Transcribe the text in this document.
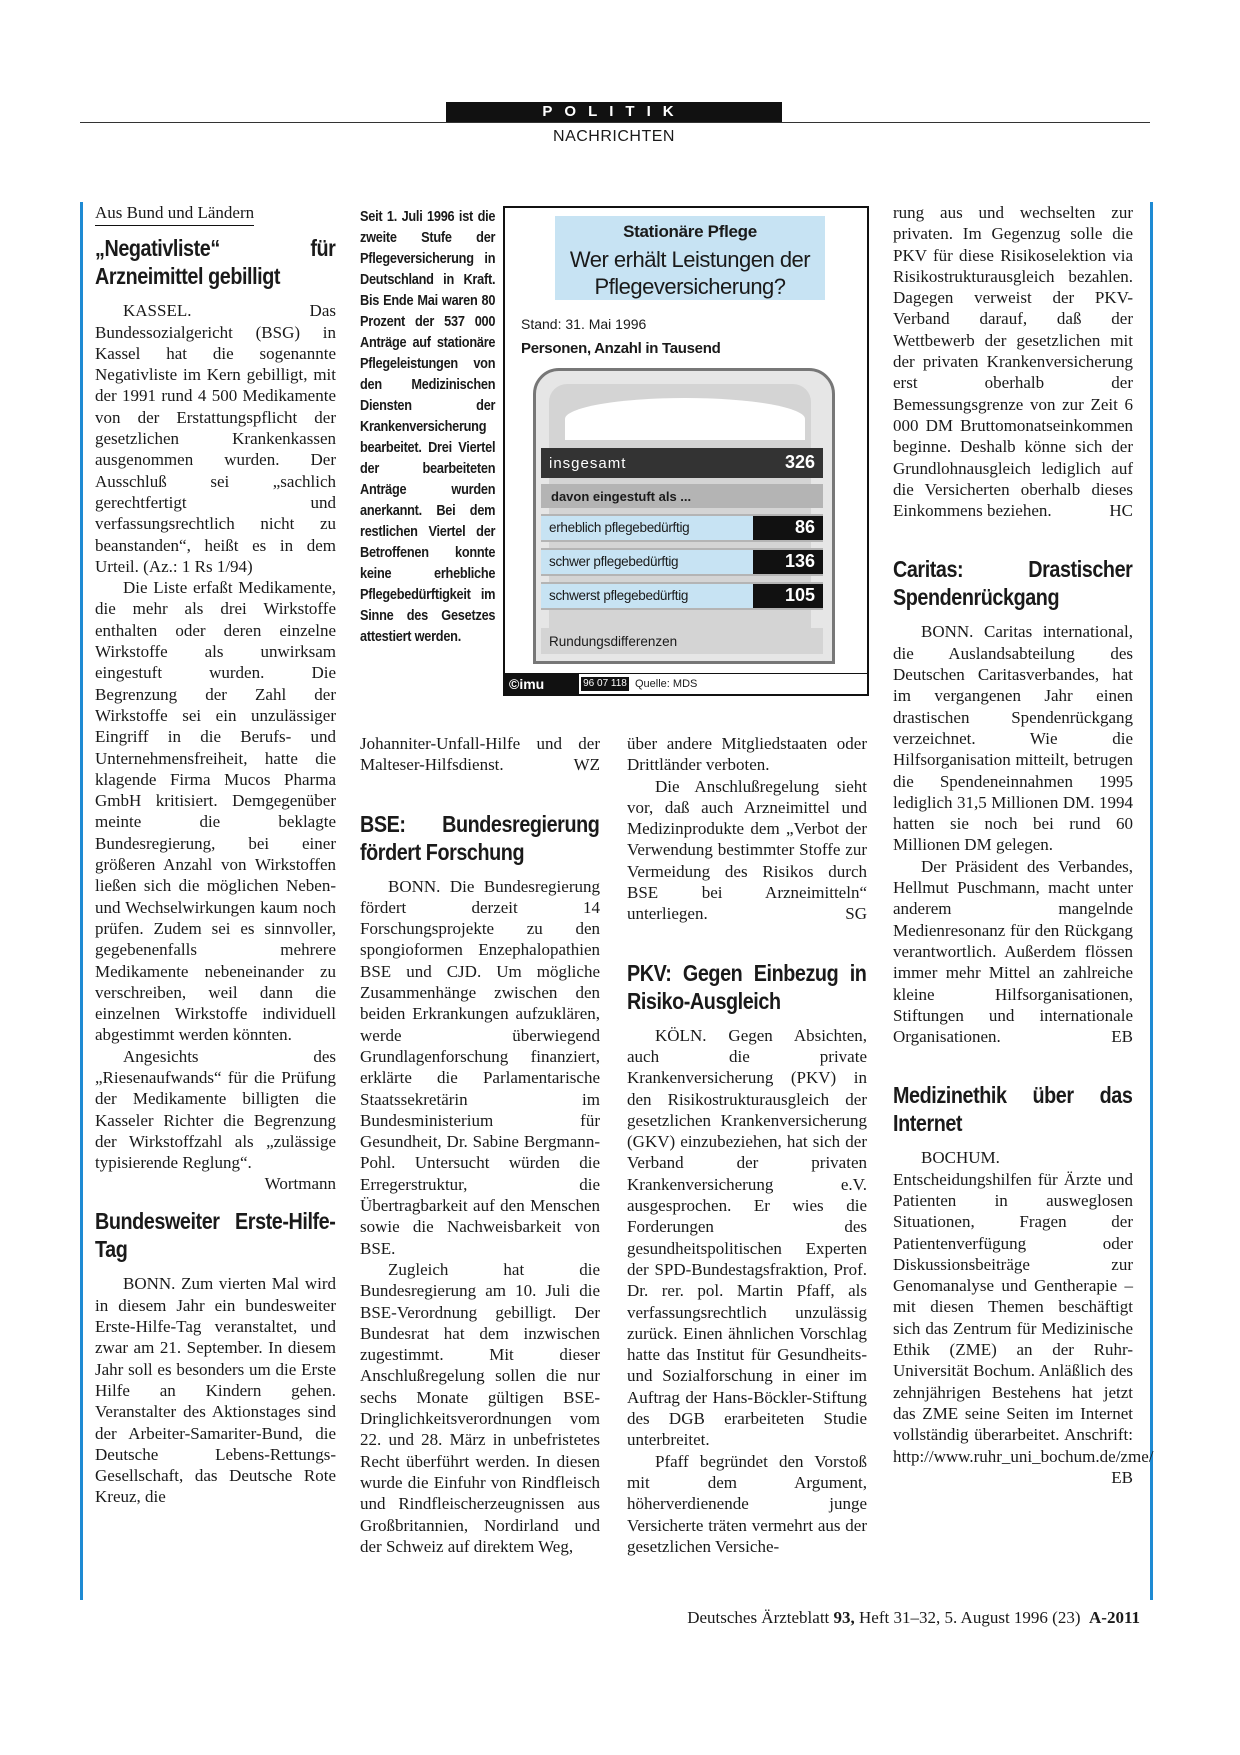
POLITIK
NACHRICHTEN
Aus Bund und Ländern
„Negativliste“ für Arzneimittel gebilligt

KASSEL. Das Bundessozialgericht (BSG) in Kassel hat die sogenannte Negativliste im Kern gebilligt, mit der 1991 rund 4 500 Medikamente von der Erstattungspflicht der gesetzlichen Krankenkassen ausgenommen wurden. Der Ausschluß sei „sachlich gerechtfertigt und verfassungsrechtlich nicht zu beanstanden“, heißt es in dem Urteil. (Az.: 1 Rs 1/94)

Die Liste erfaßt Medikamente, die mehr als drei Wirkstoffe enthalten oder deren einzelne Wirkstoffe als unwirksam eingestuft wurden. Die Begrenzung der Zahl der Wirkstoffe sei ein unzulässiger Eingriff in die Berufs- und Unternehmensfreiheit, hatte die klagende Firma Mucos Pharma GmbH kritisiert. Demgegenüber meinte die beklagte Bundesregierung, bei einer größeren Anzahl von Wirkstoffen ließen sich die möglichen Neben- und Wechselwirkungen kaum noch prüfen. Zudem sei es sinnvoller, gegebenenfalls mehrere Medikamente nebeneinander zu verschreiben, weil dann die einzelnen Wirkstoffe individuell abgestimmt werden könnten.

Angesichts des „Riesenaufwands“ für die Prüfung der Medikamente billigten die Kasseler Richter die Begrenzung der Wirkstoffzahl als „zulässige typisierende Reglung“.
Wortmann

Bundesweiter Erste-Hilfe-Tag

BONN. Zum vierten Mal wird in diesem Jahr ein bundesweiter Erste-Hilfe-Tag veranstaltet, und zwar am 21. September. In diesem Jahr soll es besonders um die Erste Hilfe an Kindern gehen. Veranstalter des Aktionstages sind der Arbeiter-Samariter-Bund, die Deutsche Lebens-Rettungs-Gesellschaft, das Deutsche Rote Kreuz, die

Seit 1. Juli 1996 ist die zweite Stufe der Pflegeversicherung in Deutschland in Kraft. Bis Ende Mai waren 80 Prozent der 537 000 Anträge auf stationäre Pflegeleistungen von den Medizinischen Diensten der Krankenversicherung bearbeitet. Drei Viertel der bearbeiteten Anträge wurden anerkannt. Bei dem restlichen Viertel der Betroffenen konnte keine erhebliche Pflegebedürftigkeit im Sinne des Gesetzes attestiert werden.
Stationäre Pflege
Wer erhält Leistungen der Pflegeversicherung?
Stand: 31. Mai 1996
Personen, Anzahl in Tausend
insgesamt	326
davon eingestuft als ...
Rundungsdifferenzen
erheblich pflegebedürftig	86
schwer pflegebedürftig	136
schwerst pflegebedürftig	105
©imu	96 07 118 Quelle: MDS

Johanniter-Unfall-Hilfe und der Malteser-Hilfsdienst.	WZ

BSE: Bundesregierung fördert Forschung

BONN. Die Bundesregierung fördert derzeit 14 Forschungsprojekte zu den spongioformen Enzephalopathien BSE und CJD. Um mögliche Zusammenhänge zwischen den beiden Erkrankungen aufzuklären, werde überwiegend Grundlagenforschung finanziert, erklärte die Parlamentarische Staatssekretärin im Bundesministerium für Gesundheit, Dr. Sabine Bergmann-Pohl. Untersucht würden die Erregerstruktur, die Übertragbarkeit auf den Menschen sowie die Nachweisbarkeit von BSE.

Zugleich hat die Bundesregierung am 10. Juli die BSE-Verordnung gebilligt. Der Bundesrat hat dem inzwischen zugestimmt. Mit dieser Anschlußregelung sollen die nur sechs Monate gültigen BSE-Dringlichkeitsverordnungen vom 22. und 28. März in unbefristetes Recht überführt werden. In diesen wurde die Einfuhr von Rindfleisch und Rindfleischerzeugnissen aus Großbritannien, Nordirland und der Schweiz auf direktem Weg,

über andere Mitgliedstaaten oder Drittländer verboten.

Die Anschlußregelung sieht vor, daß auch Arzneimittel und Medizinprodukte dem „Verbot der Verwendung bestimmter Stoffe zur Vermeidung des Risikos durch BSE bei Arzneimitteln“ unterliegen.	SG

PKV: Gegen Einbezug in Risiko-Ausgleich

KÖLN. Gegen Absichten, auch die private Krankenversicherung (PKV) in den Risikostrukturausgleich der gesetzlichen Krankenversicherung (GKV) einzubeziehen, hat sich der Verband der privaten Krankenversicherung e.V. ausgesprochen. Er wies die Forderungen des gesundheitspolitischen Experten der SPD-Bundestagsfraktion, Prof. Dr. rer. pol. Martin Pfaff, als verfassungsrechtlich unzulässig zurück. Einen ähnlichen Vorschlag hatte das Institut für Gesundheits- und Sozialforschung in einer im Auftrag der Hans-Böckler-Stiftung des DGB erarbeiteten Studie unterbreitet.

Pfaff begründet den Vorstoß mit dem Argument, höherverdienende junge Versicherte träten vermehrt aus der gesetzlichen Versiche-

rung aus und wechselten zur privaten. Im Gegenzug solle die PKV für diese Risikoselektion via Risikostrukturausgleich bezahlen. Dagegen verweist der PKV-Verband darauf, daß der Wettbewerb der gesetzlichen mit der privaten Krankenversicherung erst oberhalb der Bemessungsgrenze von zur Zeit 6 000 DM Bruttomonatseinkommen beginne. Deshalb könne sich der Grundlohnausgleich lediglich auf die Versicherten oberhalb dieses Einkommens beziehen.	HC

Caritas: Drastischer Spendenrückgang

BONN. Caritas international, die Auslandsabteilung des Deutschen Caritasverbandes, hat im vergangenen Jahr einen drastischen Spendenrückgang verzeichnet. Wie die Hilfsorganisation mitteilt, betrugen die Spendeneinnahmen 1995 lediglich 31,5 Millionen DM. 1994 hatten sie noch bei rund 60 Millionen DM gelegen.

Der Präsident des Verbandes, Hellmut Puschmann, macht unter anderem mangelnde Medienresonanz für den Rückgang verantwortlich. Außerdem flössen immer mehr Mittel an zahlreiche kleine Hilfsorganisationen, Stiftungen und internationale Organisationen.	EB

Medizinethik über das Internet

BOCHUM. Entscheidungshilfen für Ärzte und Patienten in ausweglosen Situationen, Fragen der Patientenverfügung oder Diskussionsbeiträge zur Genomanalyse und Gentherapie – mit diesen Themen beschäftigt sich das Zentrum für Medizinische Ethik (ZME) an der Ruhr-Universität Bochum. Anläßlich des zehnjährigen Bestehens hat jetzt das ZME seine Seiten im Internet vollständig überarbeitet. Anschrift: http://www.ruhr_uni_bochum.de/zme/
EB

Deutsches Ärzteblatt 93, Heft 31–32, 5. August 1996 (23) A-2011
